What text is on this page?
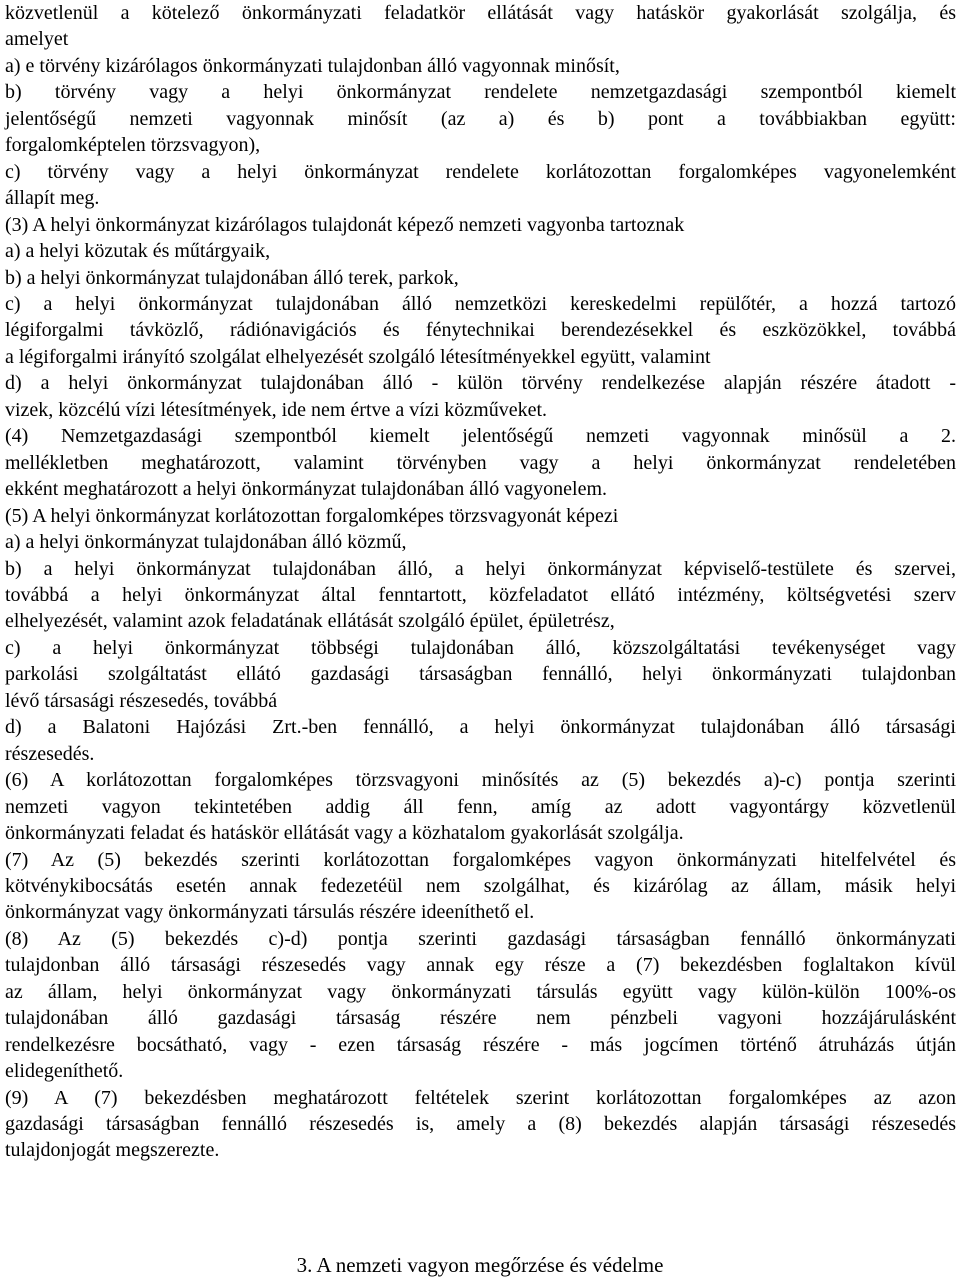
közvetlenül a kötelező önkormányzati feladatkör ellátását vagy hatáskör gyakorlását szolgálja, és
amelyet
a) e törvény kizárólagos önkormányzati tulajdonban álló vagyonnak minősít,
b) törvény vagy a helyi önkormányzat rendelete nemzetgazdasági szempontból kiemelt
jelentőségű nemzeti vagyonnak minősít (az a) és b) pont a továbbiakban együtt:
forgalomképtelen törzsvagyon),
c) törvény vagy a helyi önkormányzat rendelete korlátozottan forgalomképes vagyonelemként
állapít meg.
(3) A helyi önkormányzat kizárólagos tulajdonát képező nemzeti vagyonba tartoznak
a) a helyi közutak és műtárgyaik,
b) a helyi önkormányzat tulajdonában álló terek, parkok,
c) a helyi önkormányzat tulajdonában álló nemzetközi kereskedelmi repülőtér, a hozzá tartozó
légiforgalmi távközlő, rádiónavigációs és fénytechnikai berendezésekkel és eszközökkel, továbbá
a légiforgalmi irányító szolgálat elhelyezését szolgáló létesítményekkel együtt, valamint
d) a helyi önkormányzat tulajdonában álló - külön törvény rendelkezése alapján részére átadott -
vizek, közcélú vízi létesítmények, ide nem értve a vízi közműveket.
(4) Nemzetgazdasági szempontból kiemelt jelentőségű nemzeti vagyonnak minősül a 2.
mellékletben meghatározott, valamint törvényben vagy a helyi önkormányzat rendeletében
ekként meghatározott a helyi önkormányzat tulajdonában álló vagyonelem.
(5) A helyi önkormányzat korlátozottan forgalomképes törzsvagyonát képezi
a) a helyi önkormányzat tulajdonában álló közmű,
b) a helyi önkormányzat tulajdonában álló, a helyi önkormányzat képviselő-testülete és szervei,
továbbá a helyi önkormányzat által fenntartott, közfeladatot ellátó intézmény, költségvetési szerv
elhelyezését, valamint azok feladatának ellátását szolgáló épület, épületrész,
c) a helyi önkormányzat többségi tulajdonában álló, közszolgáltatási tevékenységet vagy
parkolási szolgáltatást ellátó gazdasági társaságban fennálló, helyi önkormányzati tulajdonban
lévő társasági részesedés, továbbá
d) a Balatoni Hajózási Zrt.-ben fennálló, a helyi önkormányzat tulajdonában álló társasági
részesedés.
(6) A korlátozottan forgalomképes törzsvagyoni minősítés az (5) bekezdés a)-c) pontja szerinti
nemzeti vagyon tekintetében addig áll fenn, amíg az adott vagyontárgy közvetlenül
önkormányzati feladat és hatáskör ellátását vagy a közhatalom gyakorlását szolgálja.
(7) Az (5) bekezdés szerinti korlátozottan forgalomképes vagyon önkormányzati hitelfelvétel és
kötvénykibocsátás esetén annak fedezetéül nem szolgálhat, és kizárólag az állam, másik helyi
önkormányzat vagy önkormányzati társulás részére ideeníthető el.
(8) Az (5) bekezdés c)-d) pontja szerinti gazdasági társaságban fennálló önkormányzati
tulajdonban álló társasági részesedés vagy annak egy része a (7) bekezdésben foglaltakon kívül
az állam, helyi önkormányzat vagy önkormányzati társulás együtt vagy külön-külön 100%-os
tulajdonában álló gazdasági társaság részére nem pénzbeli vagyoni hozzájárulásként
rendelkezésre bocsátható, vagy - ezen társaság részére - más jogcímen történő átruházás útján
elidegeníthető.
(9) A (7) bekezdésben meghatározott feltételek szerint korlátozottan forgalomképes az azon
gazdasági társaságban fennálló részesedés is, amely a (8) bekezdés alapján társasági részesedés
tulajdonjogát megszerezte.
3. A nemzeti vagyon megőrzése és védelme
